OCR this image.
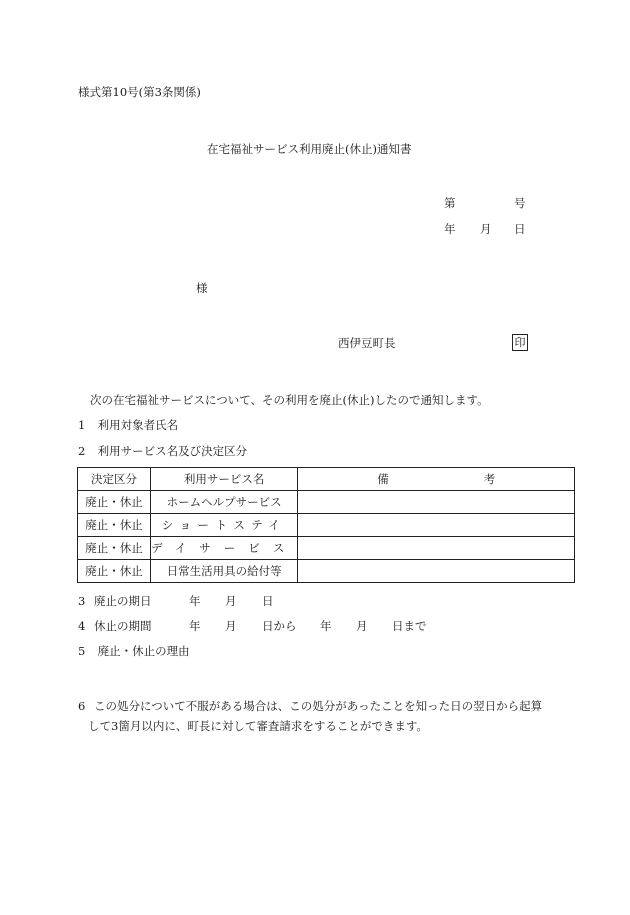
様式第10号(第3条関係)
在宅福祉サービス利用廃止(休止)通知書
第	号
年 月 日
様
西伊豆町長	印
次の在宅福祉サービスについて、その利用を廃止(休止)したので通知します。
1 利用対象者氏名
2 利用サービス名及び決定区分
決定区分	利用サービス名	備 考
廃止・休止	ホームヘルプサービス	
廃止・休止	ショートステイ	
廃止・休止	デイサービス	
廃止・休止	日常生活用具の給付等	
3 廃止の期日	年 月 日
4 休止の期間	年 月 日から 年 月 日まで
5 廃止・休止の理由
6 この処分について不服がある場合は、この処分があったことを知った日の翌日から起算
して3箇月以内に、町長に対して審査請求をすることができます。
